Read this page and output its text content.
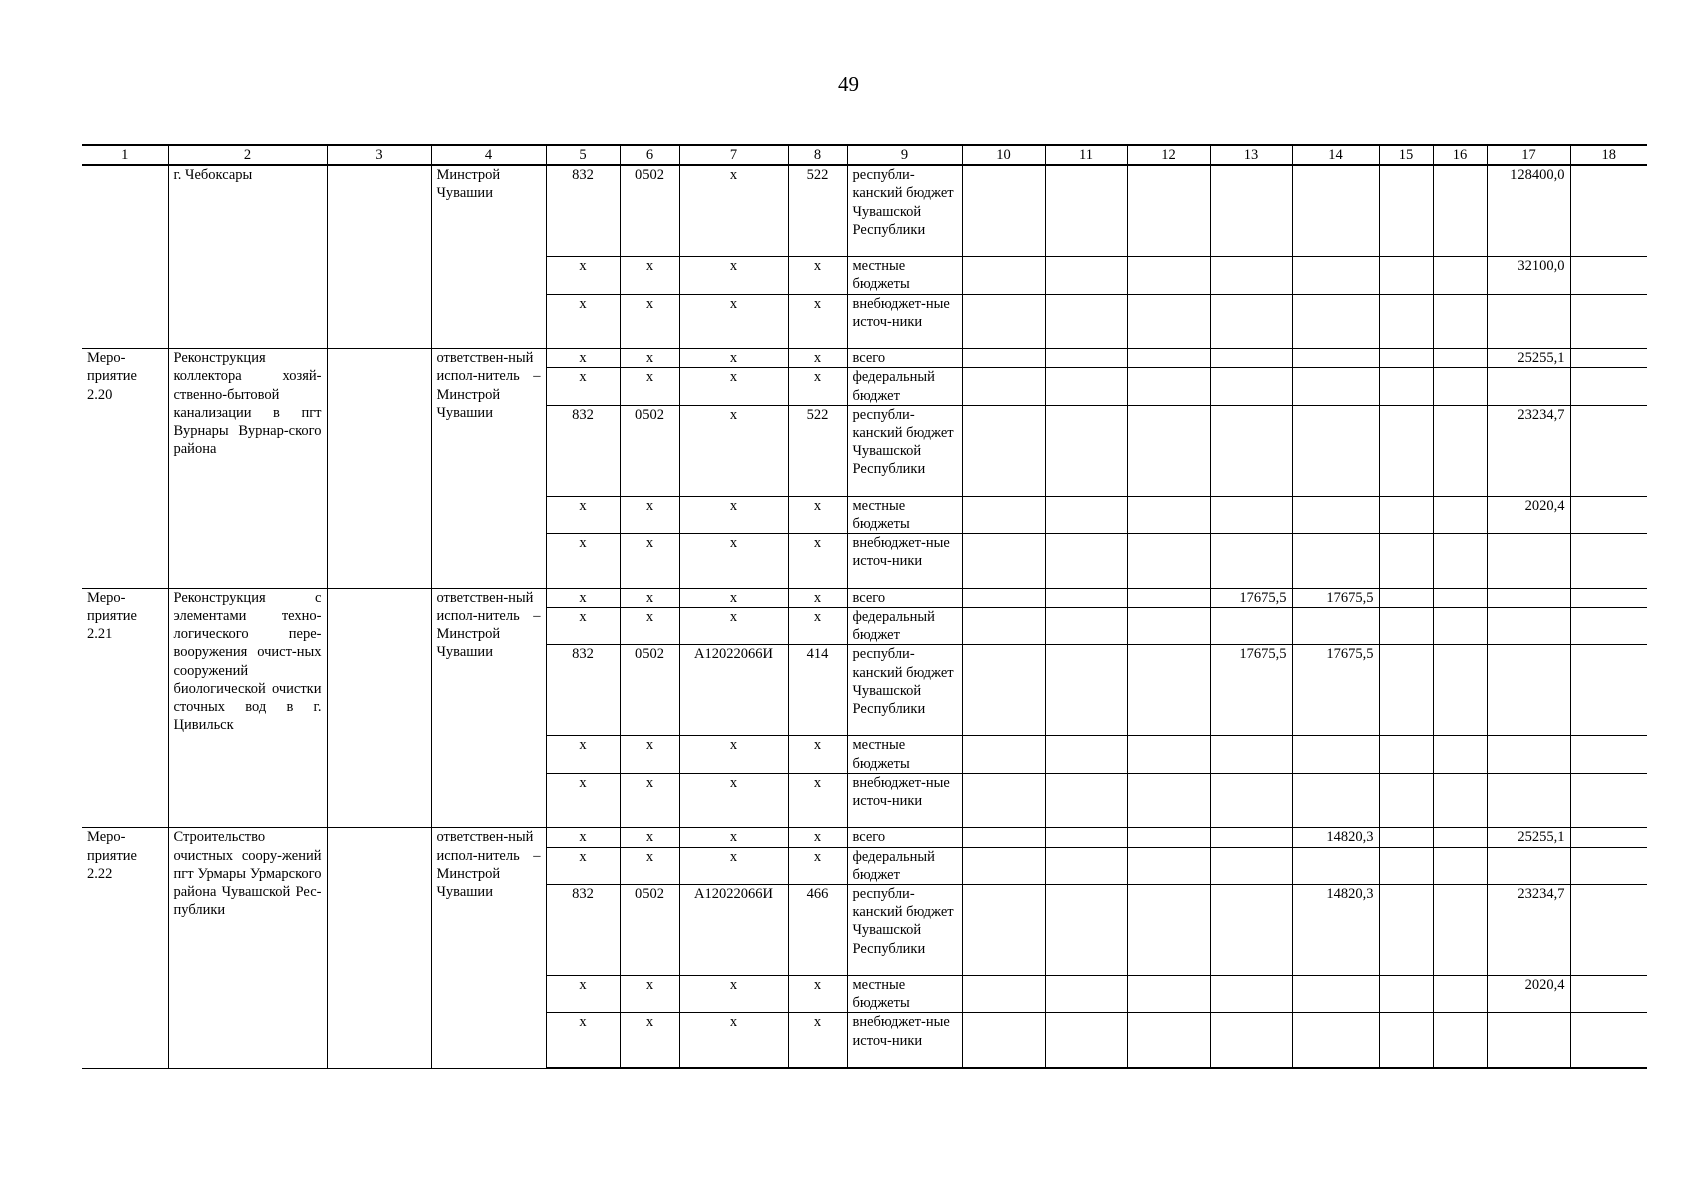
49
1	2	3	4	5	6	7	8	9	10	11	12	13	14	15	16	17	18
	г. Чебоксары		Минстрой Чувашии	832	0502	х	522	республи-канский бюджет Чувашской Республики								128400,0	
				х	х	х	х	местные бюджеты								32100,0	
				х	х	х	х	внебюджет-ные источ-ники									
Меро-приятие 2.20	Реконструкция коллектора хозяй-ственно-бытовой канализации в пгт Вурнары Вурнар-ского района		ответствен-ный испол-нитель – Минстрой Чувашии	х	х	х	х	всего								25255,1	
				х	х	х	х	федеральный бюджет									
				832	0502	х	522	республи-канский бюджет Чувашской Республики								23234,7	
				х	х	х	х	местные бюджеты								2020,4	
				х	х	х	х	внебюджет-ные источ-ники									
Меро-приятие 2.21	Реконструкция с элементами техно-логического пере-вооружения очист-ных сооружений биологической очистки сточных вод в г. Цивильск		ответствен-ный испол-нитель – Минстрой Чувашии	х	х	х	х	всего				17675,5	17675,5				
				х	х	х	х	федеральный бюджет									
				832	0502	А12022066И	414	республи-канский бюджет Чувашской Республики				17675,5	17675,5				
				х	х	х	х	местные бюджеты									
				х	х	х	х	внебюджет-ные источ-ники									
Меро-приятие 2.22	Строительство очистных соору-жений пгт Урмары Урмарского района Чувашской Рес-публики		ответствен-ный испол-нитель – Минстрой Чувашии	х	х	х	х	всего					14820,3			25255,1	
				х	х	х	х	федеральный бюджет									
				832	0502	А12022066И	466	республи-канский бюджет Чувашской Республики					14820,3			23234,7	
				х	х	х	х	местные бюджеты								2020,4	
				х	х	х	х	внебюджет-ные источ-ники									
